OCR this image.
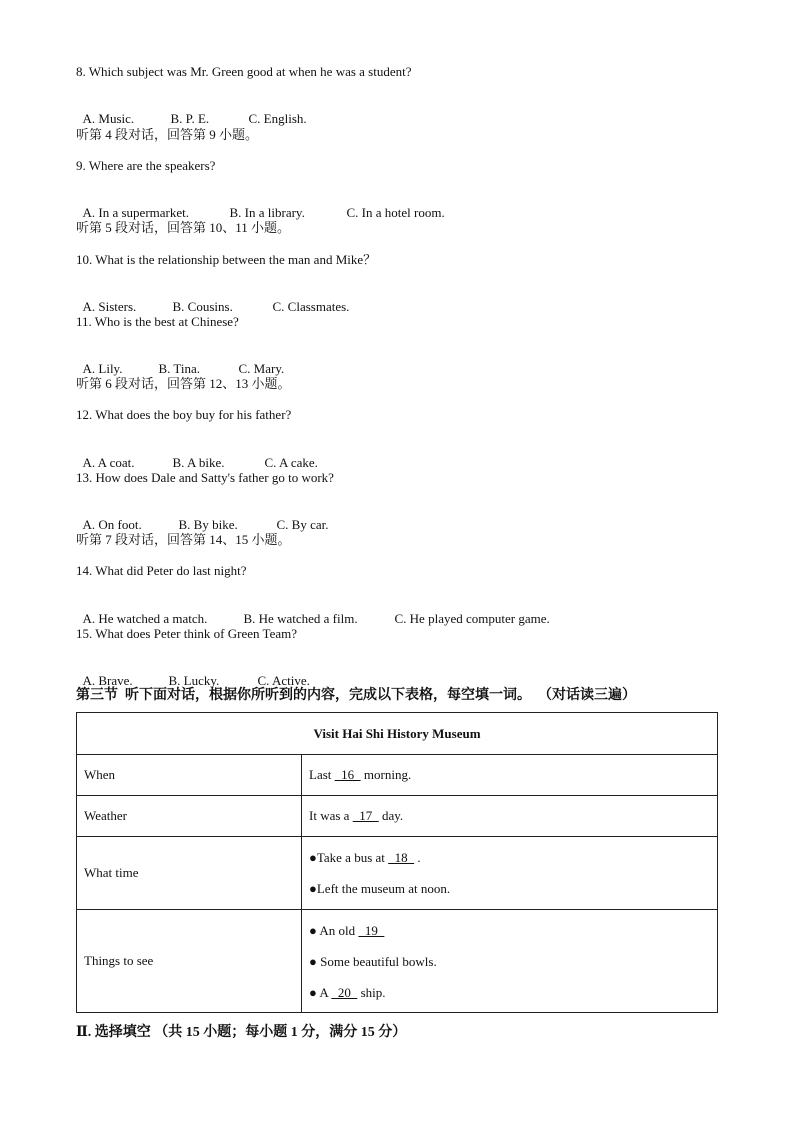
8. Which subject was Mr. Green good at when he was a student?

A. Music.	B. P. E.	C. English.

听第 4 段对话，回答第 9 小题。
9. Where are the speakers?

A. In a supermarket.	B. In a library.	C. In a hotel room.

听第 5 段对话，回答第 10、11 小题。
10. What is the relationship between the man and Mike？

A. Sisters.	B. Cousins.	C. Classmates.

11. Who is the best at Chinese?

A. Lily.	B. Tina.	C. Mary.

听第 6 段对话，回答第 12、13 小题。
12. What does the boy buy for his father?

A. A coat.	B. A bike.	C. A cake.

13. How does Dale and Satty's father go to work?

A. On foot.	B. By bike.	C. By car.

听第 7 段对话，回答第 14、15 小题。
14. What did Peter do last night?

A. He watched a match.	B. He watched a film.	C. He played computer game.

15. What does Peter think of Green Team?

A. Brave.	B. Lucky.	C. Active.

第三节  听下面对话，根据你所听到的内容，完成以下表格，每空填一词。  （对话读三遍）
Visit Hai Shi History Museum	
When	Last   16   morning.
Weather	It was a   17   day.
What time	●Take a bus at   18   .
●Left the museum at noon.

Things to see	● An old   19
● Some beautiful bowls.
● A   20   ship.
Ⅱ. 选择填空 （共 15 小题；每小题 1 分，满分 15 分）
